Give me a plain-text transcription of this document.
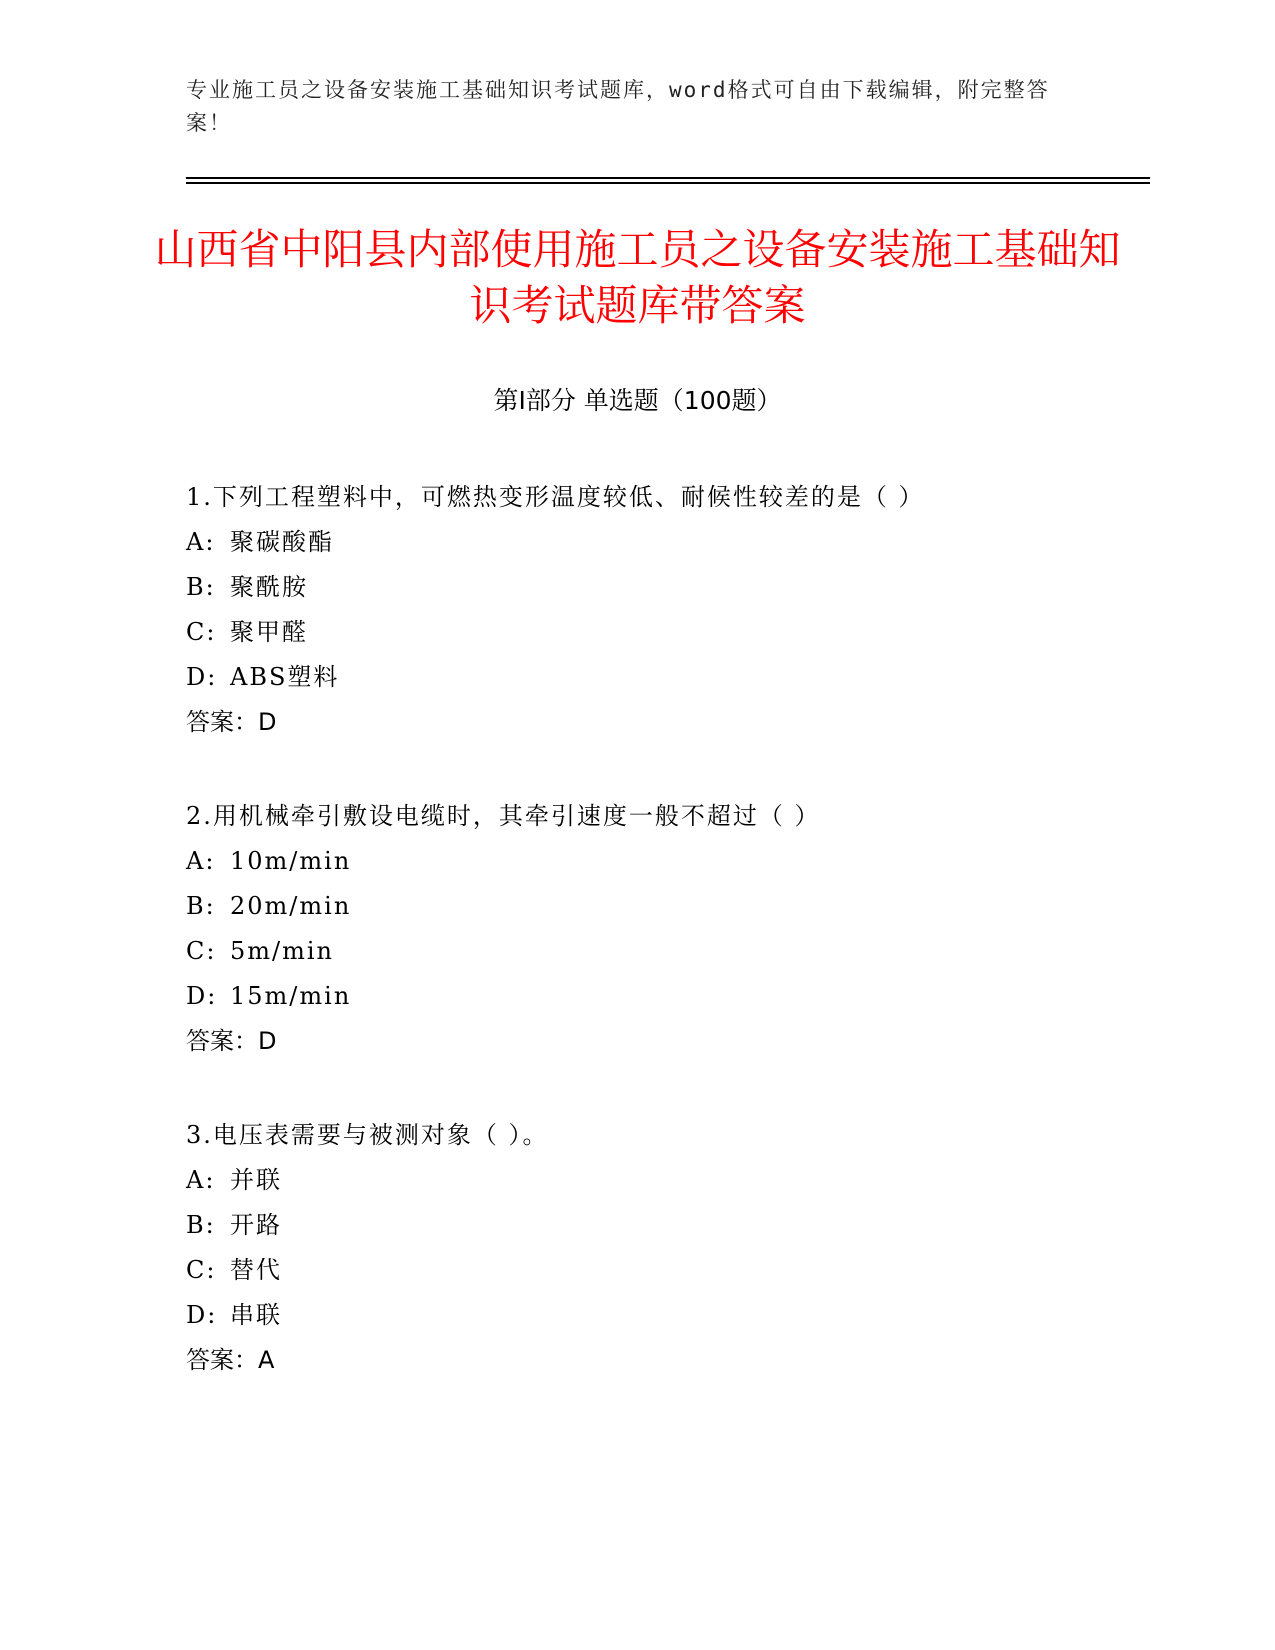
专业施工员之设备安装施工基础知识考试题库，word格式可自由下载编辑，附完整答案！
山西省中阳县内部使用施工员之设备安装施工基础知识考试题库带答案
第Ⅰ部分 单选题（100题）
1.下列工程塑料中，可燃热变形温度较低、耐候性较差的是（ ）
A: 聚碳酸酯
B: 聚酰胺
C: 聚甲醛
D: ABS塑料
答案：D
2.用机械牵引敷设电缆时，其牵引速度一般不超过（ ）
A: 10m/min
B: 20m/min
C: 5m/min
D: 15m/min
答案：D
3.电压表需要与被测对象（ ）。
A: 并联
B: 开路
C: 替代
D: 串联
答案：A
